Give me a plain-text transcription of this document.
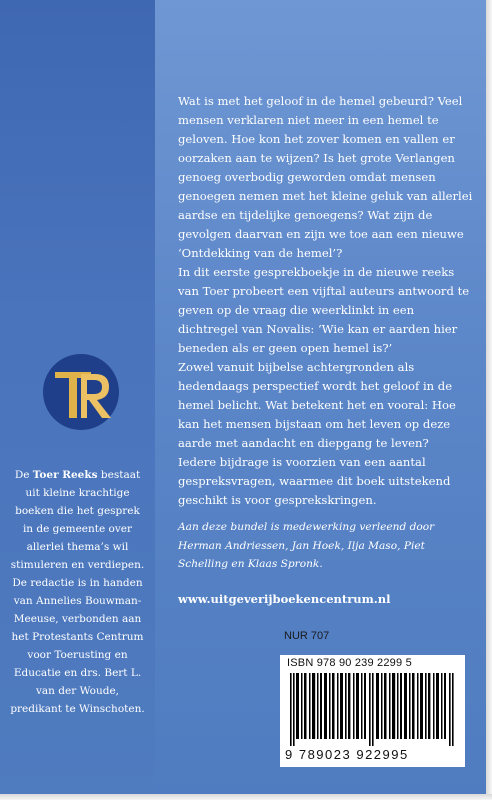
De Toer Reeks bestaat uit kleine krachtige boeken die het gesprek in de gemeente over allerlei thema’s wil stimuleren en verdiepen. De redactie is in handen van Annelies Bouwman-Meeuse, verbonden aan het Protestants Centrum voor Toerusting en Educatie en drs. Bert L. van der Woude, predikant te Winschoten.

Wat is met het geloof in de hemel gebeurd? Veel mensen verklaren niet meer in een hemel te geloven. Hoe kon het zover komen en vallen er oorzaken aan te wijzen? Is het grote Verlangen genoeg overbodig geworden omdat mensen genoegen nemen met het kleine geluk van allerlei aardse en tijdelijke genoegens? Wat zijn de gevolgen daarvan en zijn we toe aan een nieuwe ‘Ontdekking van de hemel’?

In dit eerste gesprekboekje in de nieuwe reeks van Toer probeert een vijftal auteurs antwoord te geven op de vraag die weerklinkt in een dichtregel van Novalis: ‘Wie kan er aarden hier beneden als er geen open hemel is?’

Zowel vanuit bijbelse achtergronden als hedendaags perspectief wordt het geloof in de hemel belicht. Wat betekent het en vooral: Hoe kan het mensen bijstaan om het leven op deze aarde met aandacht en diepgang te leven?

Iedere bijdrage is voorzien van een aantal gespreksvragen, waarmee dit boek uitstekend geschikt is voor gesprekskringen.

Aan deze bundel is medewerking verleend door Herman Andriessen, Jan Hoek, Ilja Maso, Piet Schelling en Klaas Spronk.
www.uitgeverijboekencentrum.nl
NUR 707
ISBN 978 90 239 2299 5
9 789023 922995
